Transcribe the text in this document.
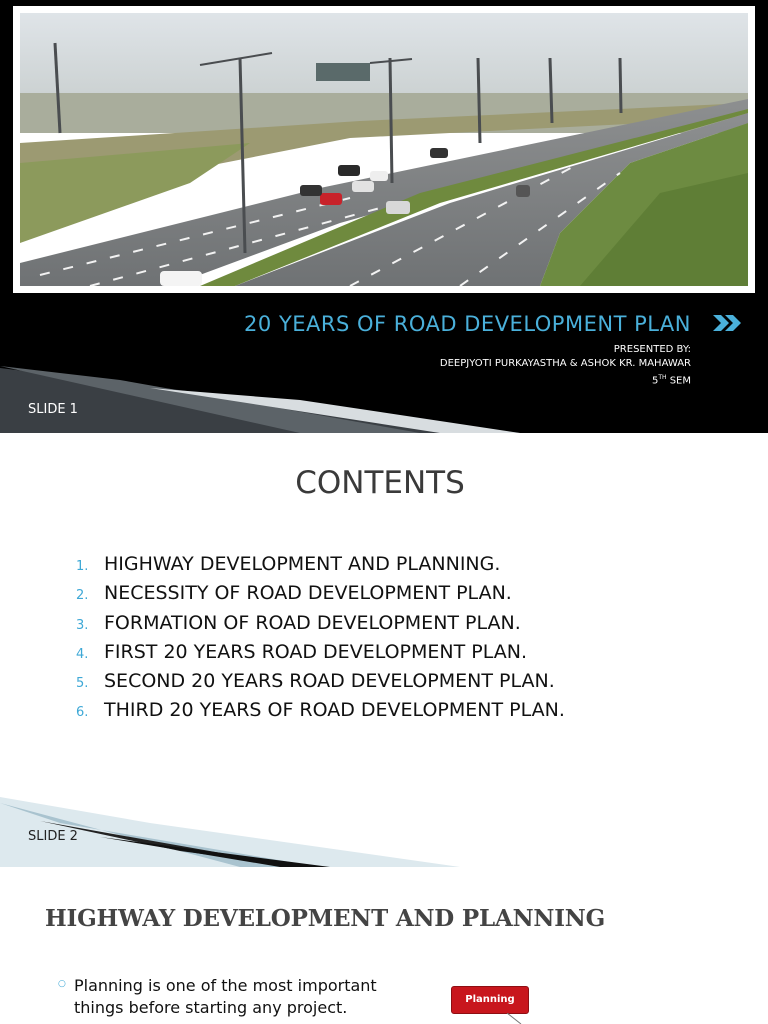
20 YEARS OF ROAD DEVELOPMENT PLAN
PRESENTED BY:
DEEPJYOTI PURKAYASTHA & ASHOK KR. MAHAWAR
5TH SEM
SLIDE 1
CONTENTS
1. HIGHWAY DEVELOPMENT AND PLANNING.
2. NECESSITY OF ROAD DEVELOPMENT PLAN.
3. FORMATION OF ROAD DEVELOPMENT PLAN.
4. FIRST 20 YEARS ROAD DEVELOPMENT PLAN.
5. SECOND 20 YEARS ROAD DEVELOPMENT PLAN.
6. THIRD 20 YEARS OF ROAD DEVELOPMENT PLAN.
SLIDE 2
HIGHWAY DEVELOPMENT AND PLANNING
○ Planning is one of the most important things before starting any project.	Planning
